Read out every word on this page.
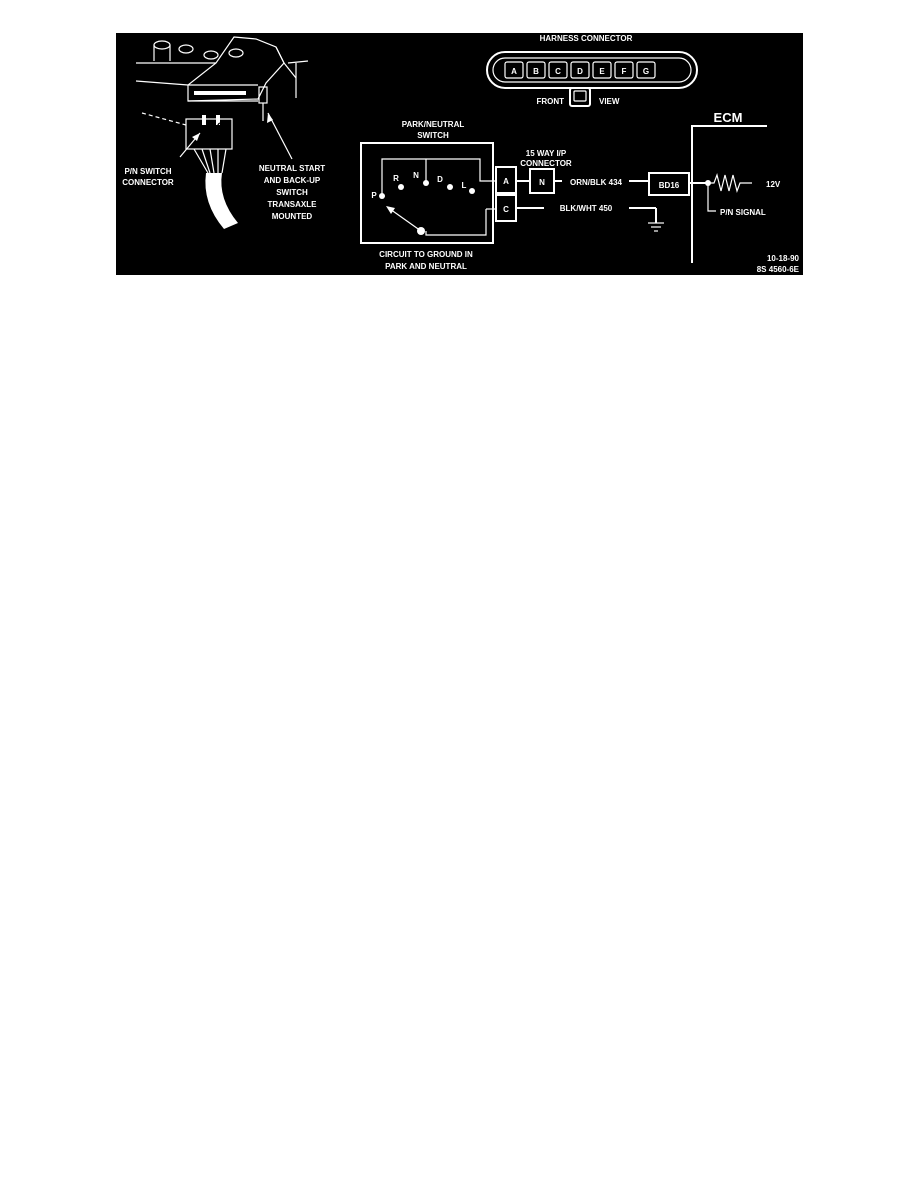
A G
P/N SWITCH
CONNECTOR
NEUTRAL START
AND BACK-UP
SWITCH
TRANSAXLE
MOUNTED
HARNESS CONNECTOR
A B C D E F G
FRONT	VIEW
PARK/NEUTRAL
SWITCH
P
R N D
L	A
C
CIRCUIT TO GROUND IN
PARK AND NEUTRAL
15 WAY I/P
CONNECTOR
N	ORN/BLK 434
BLK/WHT 450
ECM
BD16	12V
P/N SIGNAL
10-18-90
8S 4560-6E
